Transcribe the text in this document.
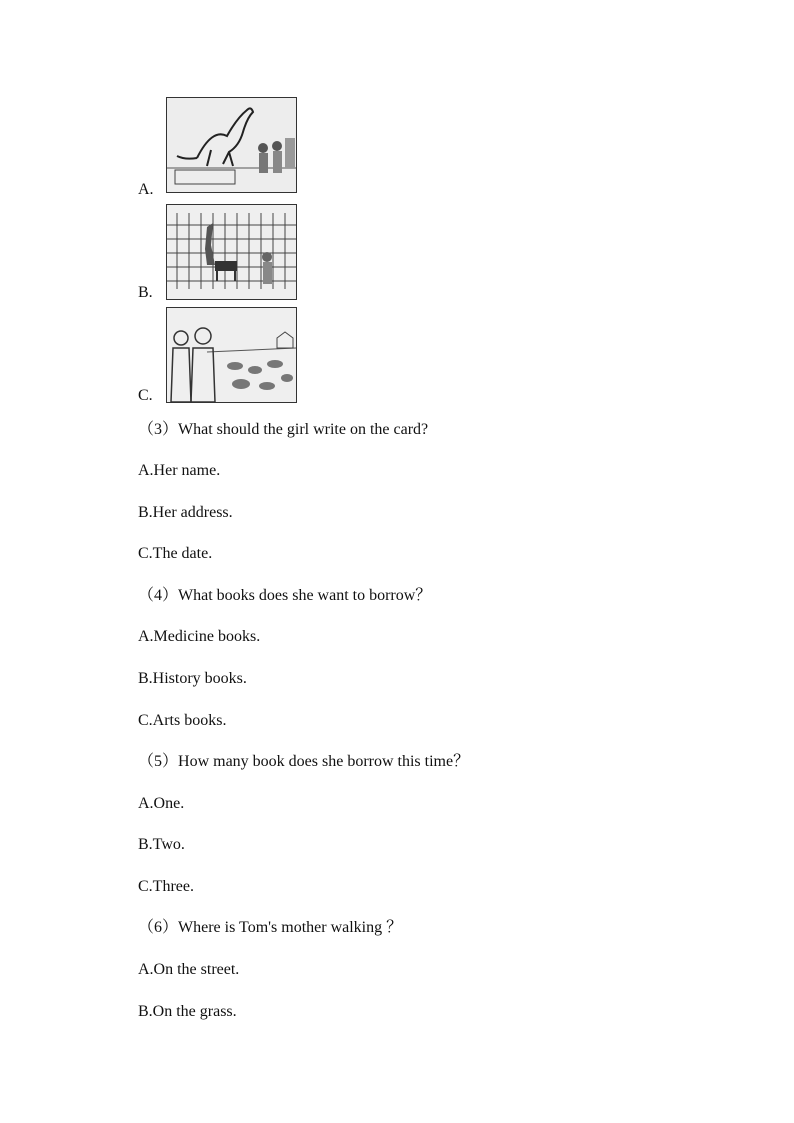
A.
B.
C.
（3）What should the girl write on the card?
A.Her name.
B.Her address.
C.The date.
（4）What books does she want to borrow？
A.Medicine books.
B.History books.
C.Arts books.
（5）How many book does she borrow this time？
A.One.
B.Two.
C.Three.
（6）Where is Tom's mother walking ？
A.On the street.
B.On the grass.
